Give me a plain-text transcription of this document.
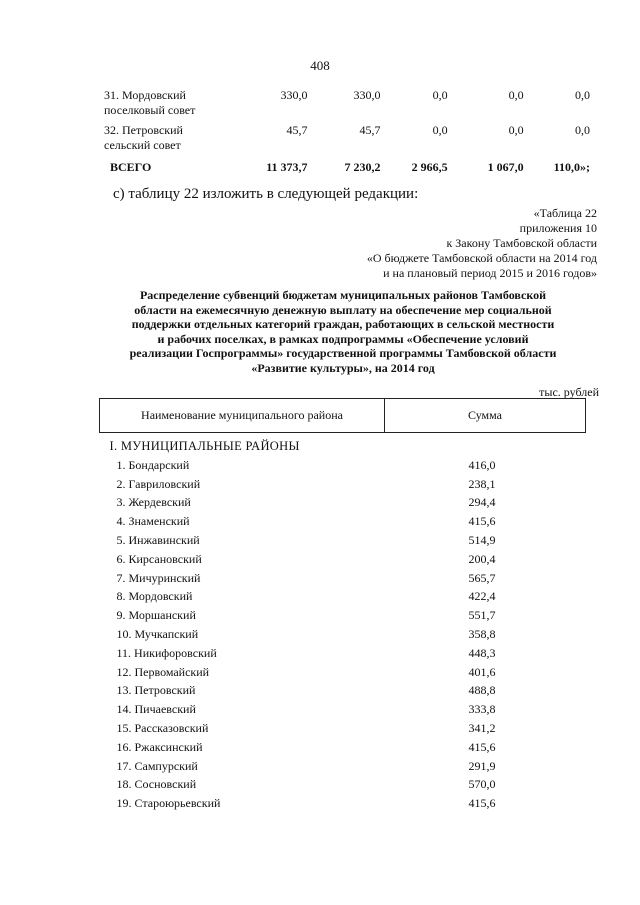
408
31. Мордовский
поселковый совет	330,0	330,0	0,0	0,0	0,0

32. Петровский
сельский совет	45,7	45,7	0,0	0,0	0,0
ВСЕГО	11 373,7	7 230,2	2 966,5	1 067,0	110,0»;
с) таблицу 22 изложить в следующей редакции:
«Таблица 22
приложения 10
к Закону Тамбовской области
«О бюджете Тамбовской области на 2014 год
и на плановый период 2015 и 2016 годов»
Распределение субвенций бюджетам муниципальных районов Тамбовской
области на ежемесячную денежную выплату на обеспечение мер социальной
поддержки отдельных категорий граждан, работающих в сельской местности
и рабочих поселках, в рамках подпрограммы «Обеспечение условий
реализации Госпрограммы» государственной программы Тамбовской области
«Развитие культуры», на 2014 год
тыс. рублей
Наименование муниципального района	Сумма
I. МУНИЦИПАЛЬНЫЕ РАЙОНЫ	
1. Бондарский	416,0
2. Гавриловский	238,1
3. Жердевский	294,4
4. Знаменский	415,6
5. Инжавинский	514,9
6. Кирсановский	200,4
7. Мичуринский	565,7
8. Мордовский	422,4
9. Моршанский	551,7
10. Мучкапский	358,8
11. Никифоровский	448,3
12. Первомайский	401,6
13. Петровский	488,8
14. Пичаевский	333,8
15. Рассказовский	341,2
16. Ржаксинский	415,6
17. Сампурский	291,9
18. Сосновский	570,0
19. Староюрьевский	415,6
